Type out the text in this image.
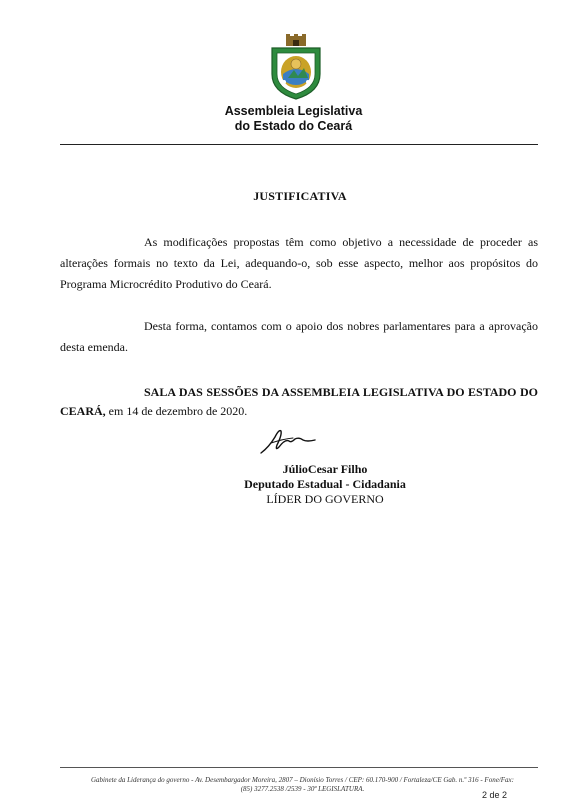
Assembleia Legislativa
do Estado do Ceará
JUSTIFICATIVA
As modificações propostas têm como objetivo a necessidade de proceder as alterações formais no texto da Lei, adequando-o, sob esse aspecto, melhor aos propósitos do Programa Microcrédito Produtivo do Ceará.
Desta forma, contamos com o apoio dos nobres parlamentares para a aprovação desta emenda.
SALA DAS SESSÕES DA ASSEMBLEIA LEGISLATIVA DO ESTADO DO CEARÁ, em 14 de dezembro de 2020.
JúlioCesar Filho
Deputado Estadual - Cidadania
LÍDER DO GOVERNO
Gabinete da Liderança do governo - Av. Desembargador Moreira, 2807 – Dionísio Torres / CEP: 60.170-900 / Fortaleza/CE Gab. n.º 316 - Fone/Fax:
(85) 3277.2538 /2539 - 30ª LEGISLATURA.
2 de 2
